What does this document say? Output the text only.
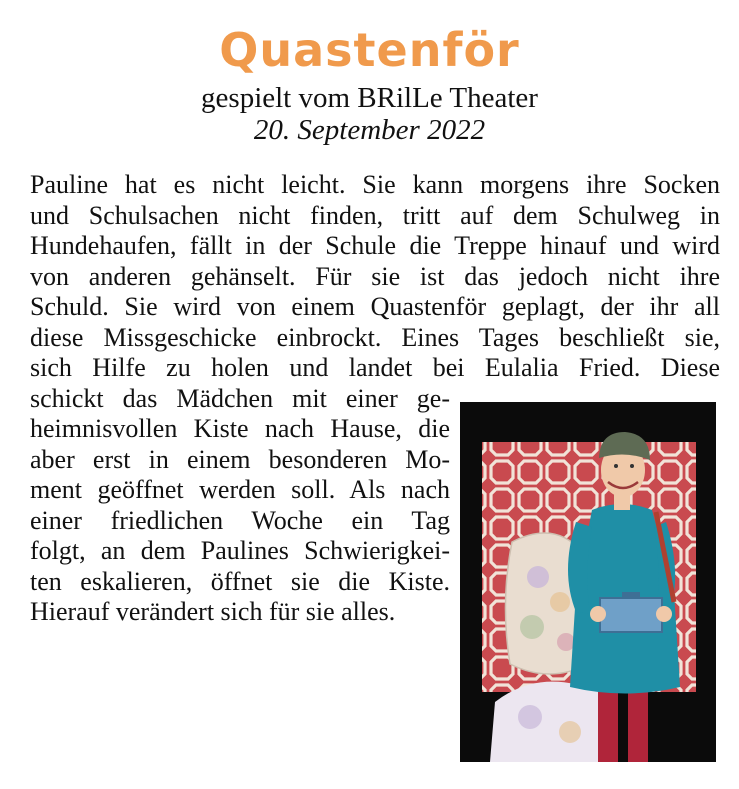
Quastenför
gespielt vom BRilLe Theater
20. September 2022
Pauline hat es nicht leicht. Sie kann morgens ihre Socken
und Schulsachen nicht finden, tritt auf dem Schulweg in
Hundehaufen, fällt in der Schule die Treppe hinauf und wird
von anderen gehänselt. Für sie ist das jedoch nicht ihre
Schuld. Sie wird von einem Quastenför geplagt, der ihr all
diese Missgeschicke einbrockt. Eines Tages beschließt sie,
sich Hilfe zu holen und landet bei Eulalia Fried. Diese
schickt das Mädchen mit einer ge-
heimnisvollen Kiste nach Hause, die
aber erst in einem besonderen Mo-
ment geöffnet werden soll. Als nach
einer friedlichen Woche ein Tag
folgt, an dem Paulines Schwierigkei-
ten eskalieren, öffnet sie die Kiste.
Hierauf verändert sich für sie alles.
